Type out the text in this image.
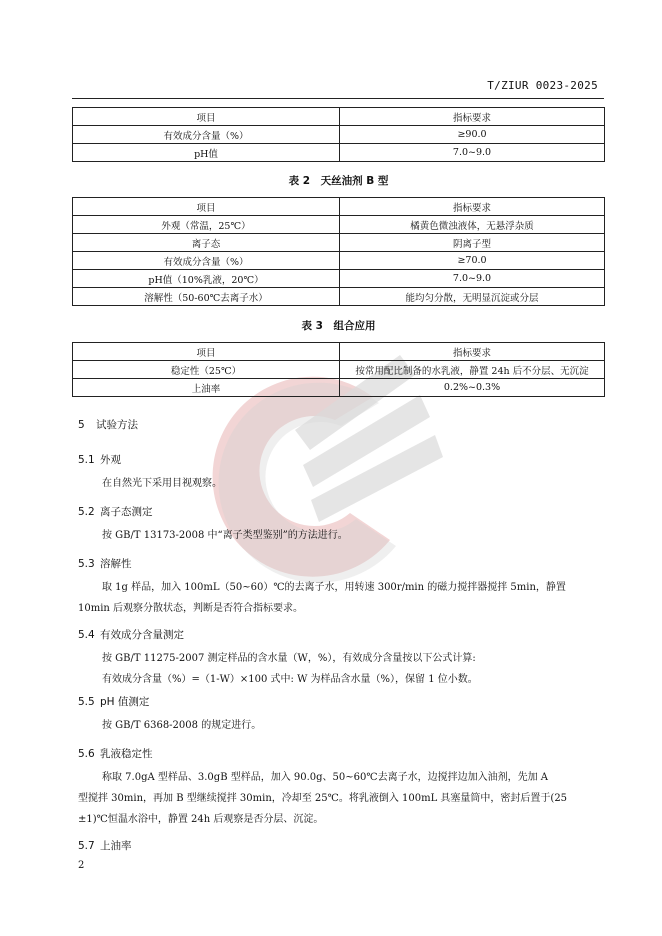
T/ZIUR 0023-2025
项目	指标要求
有效成分含量（%）	≥90.0
pH值	7.0~9.0
表 2　天丝油剂 B 型
项目	指标要求
外观（常温，25℃）	橘黄色微浊液体，无悬浮杂质
离子态	阴离子型
有效成分含量（%）	≥70.0
pH值（10%乳液，20℃）	7.0~9.0
溶解性（50-60℃去离子水）	能均匀分散，无明显沉淀或分层
表 3　组合应用
项目	指标要求
稳定性（25℃）	按常用配比制备的水乳液，静置 24h 后不分层、无沉淀
上油率	0.2%~0.3%
5 试验方法
5.1 外观
在自然光下采用目视观察。
5.2 离子态测定
按 GB/T 13173-2008 中“离子类型鉴别”的方法进行。
5.3 溶解性
取 1g 样品，加入 100mL（50~60）℃的去离子水，用转速 300r/min 的磁力搅拌器搅拌 5min，静置
10min 后观察分散状态，判断是否符合指标要求。
5.4 有效成分含量测定
按 GB/T 11275-2007 测定样品的含水量（W，%），有效成分含量按以下公式计算:
有效成分含量（%）=（1-W）×100 式中: W 为样品含水量（%），保留 1 位小数。
5.5 pH 值测定
按 GB/T 6368-2008 的规定进行。
5.6 乳液稳定性
称取 7.0gA 型样品、3.0gB 型样品，加入 90.0g、50~60℃去离子水，边搅拌边加入油剂，先加 A
型搅拌 30min，再加 B 型继续搅拌 30min，冷却至 25℃。将乳液倒入 100mL 具塞量筒中，密封后置于(25
±1)℃恒温水浴中，静置 24h 后观察是否分层、沉淀。
5.7 上油率
2
